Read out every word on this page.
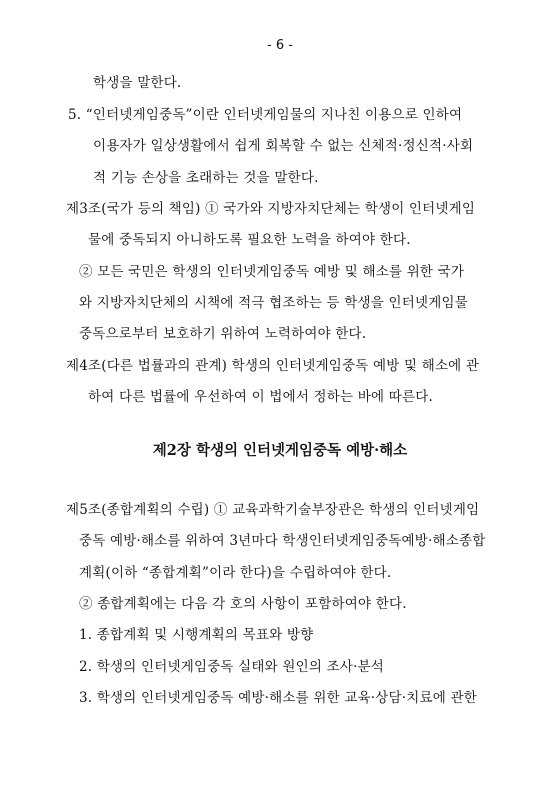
- 6 -
학생을 말한다.
5. “인터넷게임중독”이란 인터넷게임물의 지나친 이용으로 인하여
이용자가 일상생활에서 쉽게 회복할 수 없는 신체적·정신적·사회
적 기능 손상을 초래하는 것을 말한다.
제3조(국가 등의 책임) ① 국가와 지방자치단체는 학생이 인터넷게임
물에 중독되지 아니하도록 필요한 노력을 하여야 한다.
② 모든 국민은 학생의 인터넷게임중독 예방 및 해소를 위한 국가
와 지방자치단체의 시책에 적극 협조하는 등 학생을 인터넷게임물
중독으로부터 보호하기 위하여 노력하여야 한다.
제4조(다른 법률과의 관계) 학생의 인터넷게임중독 예방 및 해소에 관
하여 다른 법률에 우선하여 이 법에서 정하는 바에 따른다.
제2장 학생의 인터넷게임중독 예방·해소
제5조(종합계획의 수립) ① 교육과학기술부장관은 학생의 인터넷게임
중독 예방·해소를 위하여 3년마다 학생인터넷게임중독예방·해소종합
계획(이하 “종합계획”이라 한다)을 수립하여야 한다.
② 종합계획에는 다음 각 호의 사항이 포함하여야 한다.
1. 종합계획 및 시행계획의 목표와 방향
2. 학생의 인터넷게임중독 실태와 원인의 조사·분석
3. 학생의 인터넷게임중독 예방·해소를 위한 교육·상담·치료에 관한
